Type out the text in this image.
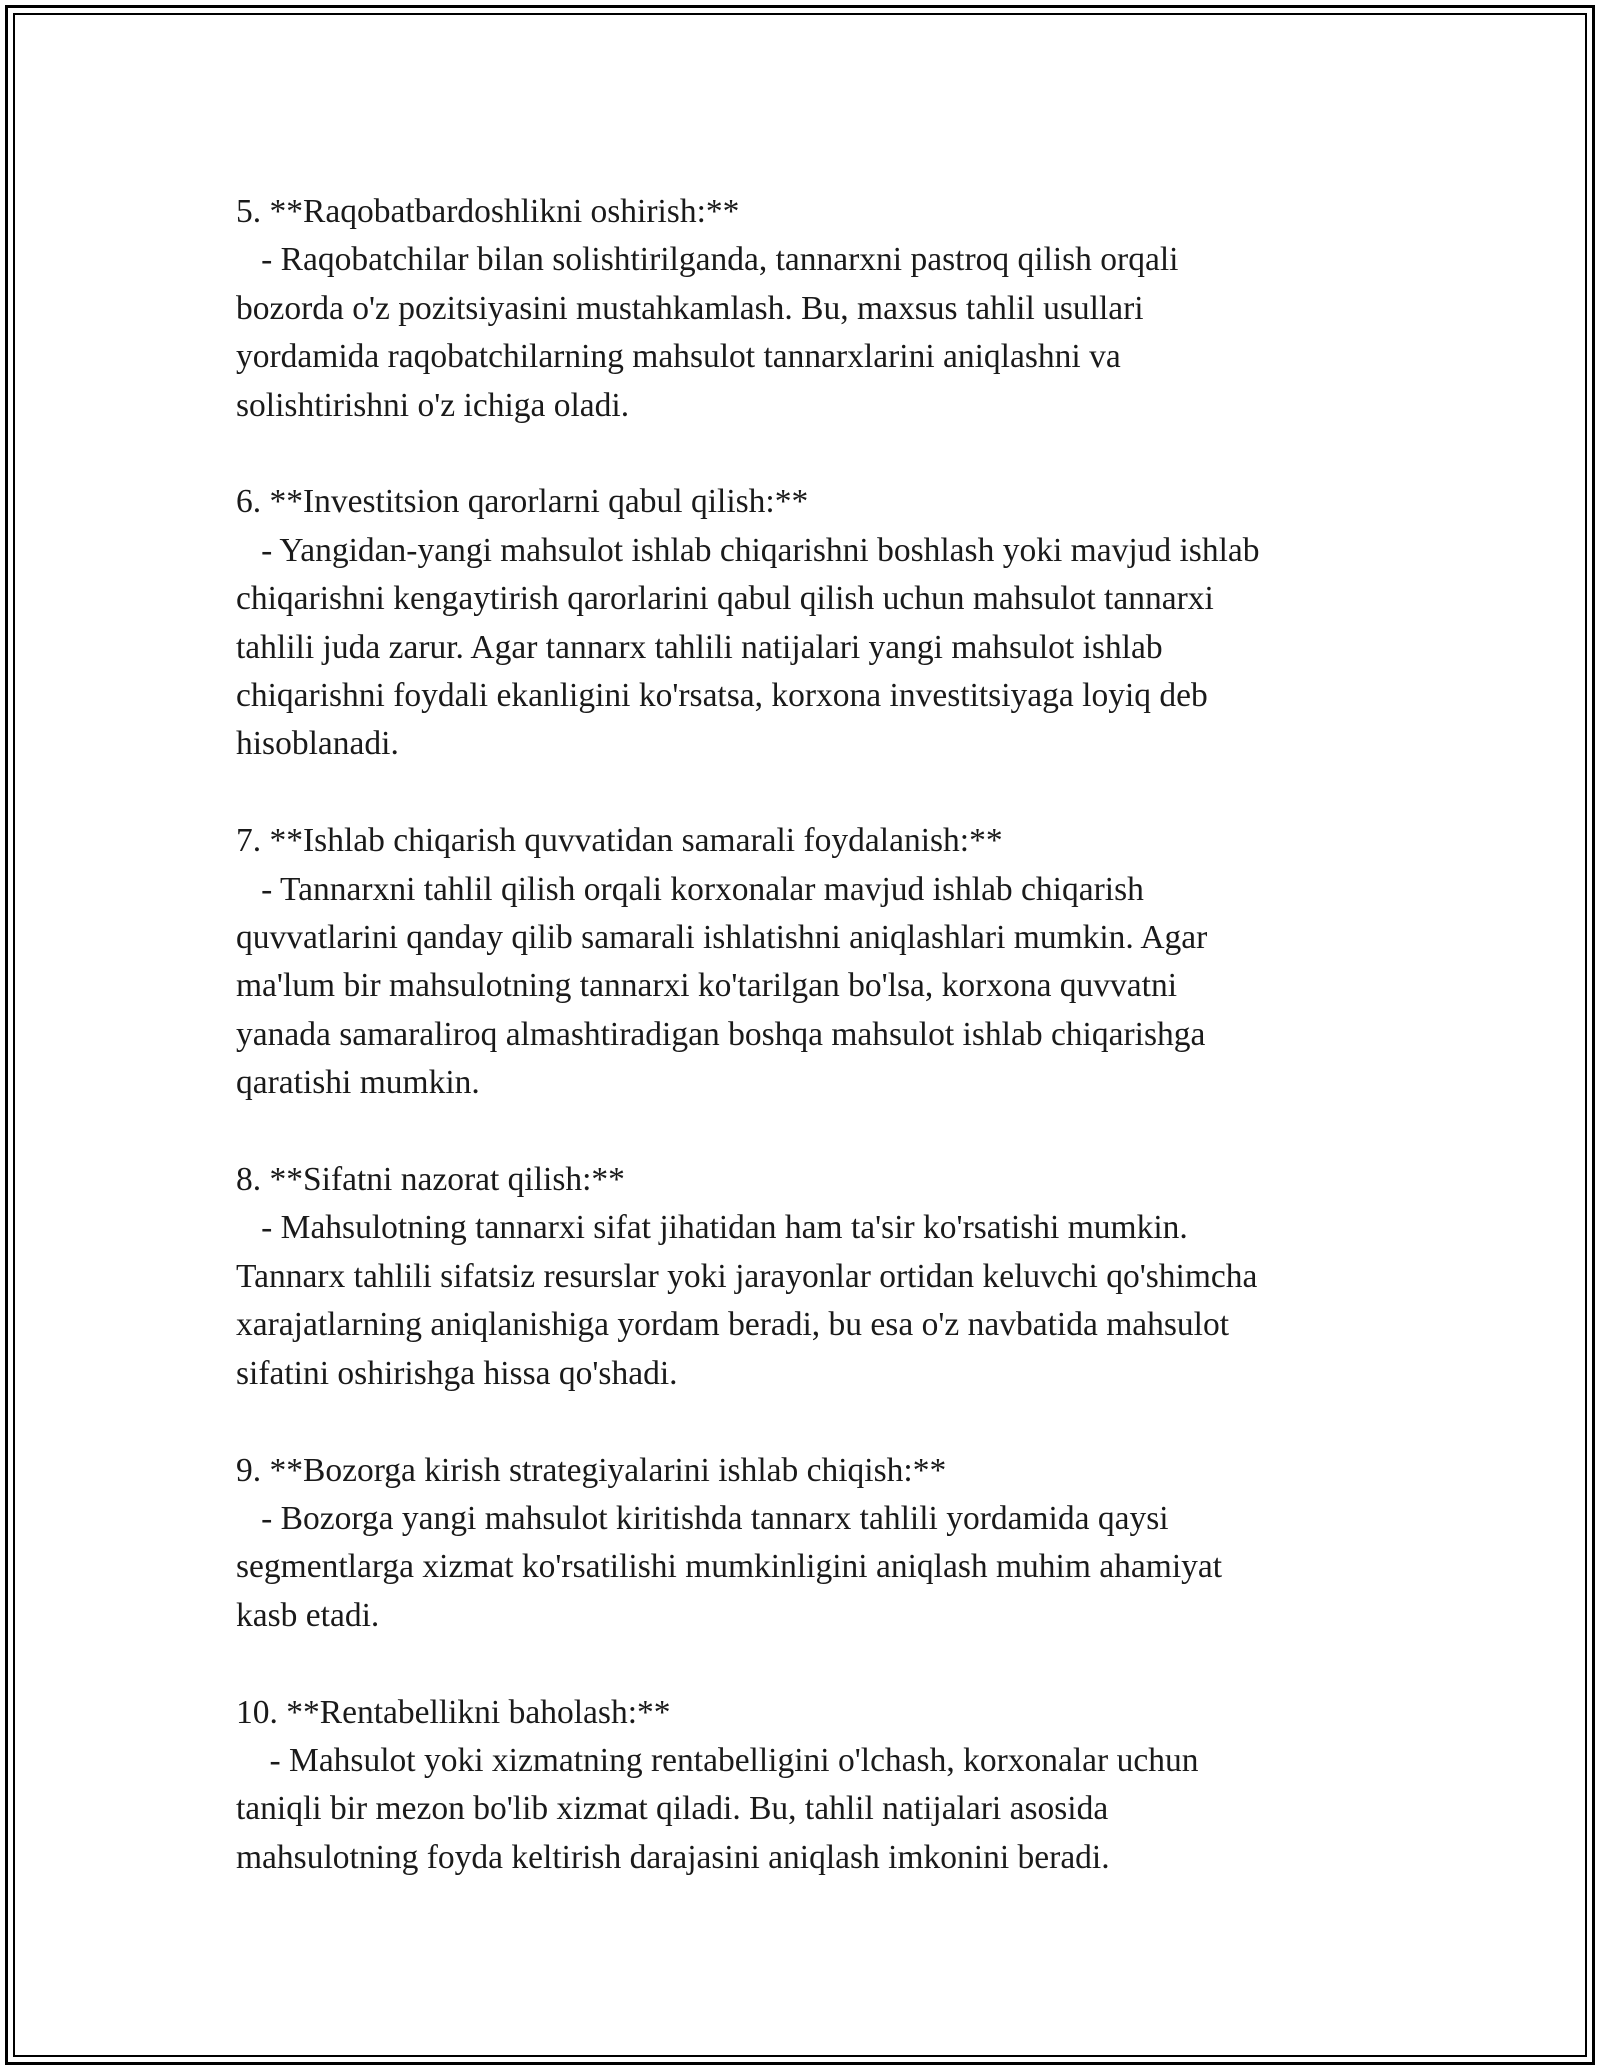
5. **Raqobatbardoshlikni oshirish:**

- Raqobatchilar bilan solishtirilganda, tannarxni pastroq qilish orqali
bozorda o'z pozitsiyasini mustahkamlash. Bu, maxsus tahlil usullari
yordamida raqobatchilarning mahsulot tannarxlarini aniqlashni va
solishtirishni o'z ichiga oladi.

6. **Investitsion qarorlarni qabul qilish:**

- Yangidan-yangi mahsulot ishlab chiqarishni boshlash yoki mavjud ishlab
chiqarishni kengaytirish qarorlarini qabul qilish uchun mahsulot tannarxi
tahlili juda zarur. Agar tannarx tahlili natijalari yangi mahsulot ishlab
chiqarishni foydali ekanligini ko'rsatsa, korxona investitsiyaga loyiq deb
hisoblanadi.

7. **Ishlab chiqarish quvvatidan samarali foydalanish:**

- Tannarxni tahlil qilish orqali korxonalar mavjud ishlab chiqarish
quvvatlarini qanday qilib samarali ishlatishni aniqlashlari mumkin. Agar
ma'lum bir mahsulotning tannarxi ko'tarilgan bo'lsa, korxona quvvatni
yanada samaraliroq almashtiradigan boshqa mahsulot ishlab chiqarishga
qaratishi mumkin.

8. **Sifatni nazorat qilish:**

- Mahsulotning tannarxi sifat jihatidan ham ta'sir ko'rsatishi mumkin.
Tannarx tahlili sifatsiz resurslar yoki jarayonlar ortidan keluvchi qo'shimcha
xarajatlarning aniqlanishiga yordam beradi, bu esa o'z navbatida mahsulot
sifatini oshirishga hissa qo'shadi.

9. **Bozorga kirish strategiyalarini ishlab chiqish:**

- Bozorga yangi mahsulot kiritishda tannarx tahlili yordamida qaysi
segmentlarga xizmat ko'rsatilishi mumkinligini aniqlash muhim ahamiyat
kasb etadi.

10. **Rentabellikni baholash:**

- Mahsulot yoki xizmatning rentabelligini o'lchash, korxonalar uchun
taniqli bir mezon bo'lib xizmat qiladi. Bu, tahlil natijalari asosida
mahsulotning foyda keltirish darajasini aniqlash imkonini beradi.
